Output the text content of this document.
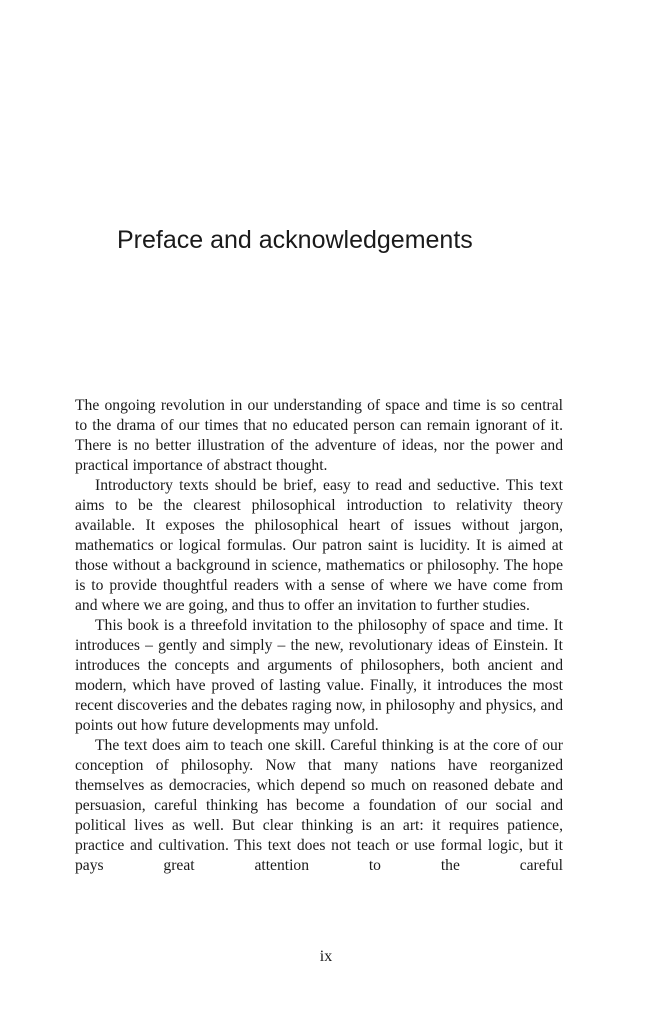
Preface and acknowledgements

The ongoing revolution in our understanding of space and time is so central to the drama of our times that no educated person can remain ignorant of it. There is no better illustration of the adventure of ideas, nor the power and practical importance of abstract thought.

Introductory texts should be brief, easy to read and seductive. This text aims to be the clearest philosophical introduction to relativity theory available. It exposes the philosophical heart of issues without jargon, mathematics or logical formulas. Our patron saint is lucidity. It is aimed at those without a background in science, mathematics or philosophy. The hope is to provide thoughtful readers with a sense of where we have come from and where we are going, and thus to offer an invitation to further studies.

This book is a threefold invitation to the philosophy of space and time. It introduces – gently and simply – the new, revolutionary ideas of Einstein. It introduces the concepts and arguments of philosophers, both ancient and modern, which have proved of lasting value. Finally, it introduces the most recent discoveries and the debates raging now, in philosophy and physics, and points out how future developments may unfold.

The text does aim to teach one skill. Careful thinking is at the core of our conception of philosophy. Now that many nations have reorganized themselves as democracies, which depend so much on reasoned debate and persuasion, careful thinking has become a foundation of our social and political lives as well. But clear thinking is an art: it requires patience, practice and cultivation. This text does not teach or use formal logic, but it pays great attention to the careful

ix
